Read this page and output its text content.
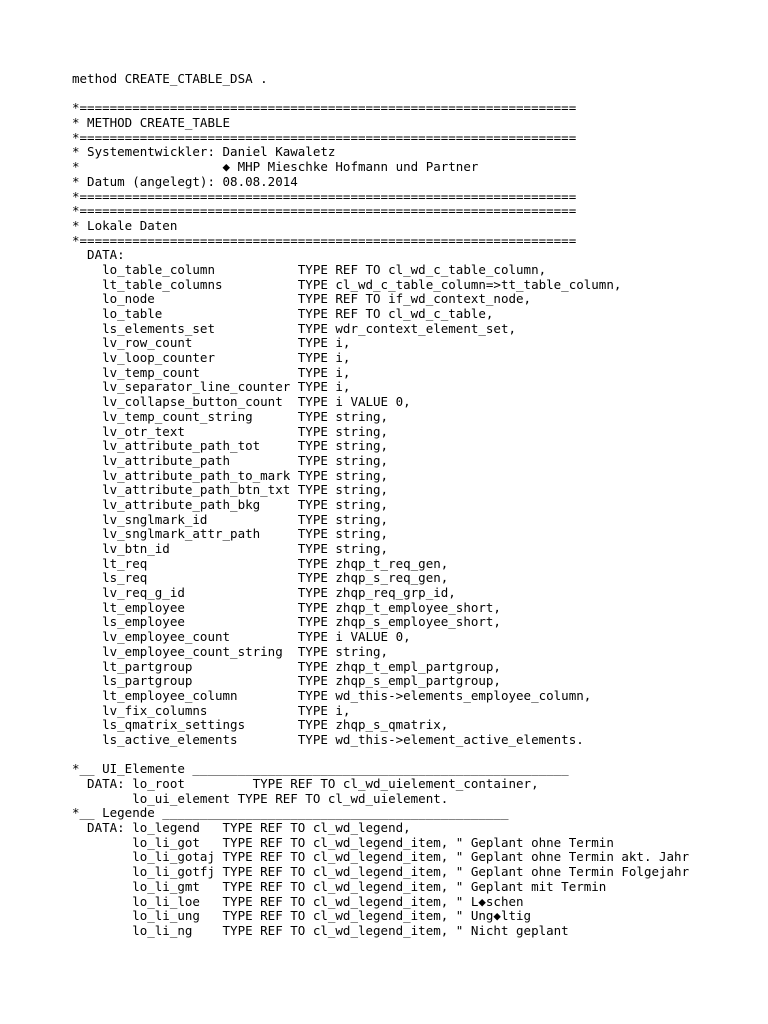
method CREATE_CTABLE_DSA .
*==================================================================
* METHOD CREATE_TABLE
*==================================================================
* Systementwickler: Daniel Kawaletz
*                   ◆ MHP Mieschke Hofmann und Partner
* Datum (angelegt): 08.08.2014
*==================================================================
*==================================================================
* Lokale Daten
*==================================================================
DATA:
lo_table_column           TYPE REF TO cl_wd_c_table_column,
lt_table_columns          TYPE cl_wd_c_table_column=>tt_table_column,
lo_node                   TYPE REF TO if_wd_context_node,
lo_table                  TYPE REF TO cl_wd_c_table,
ls_elements_set           TYPE wdr_context_element_set,
lv_row_count              TYPE i,
lv_loop_counter           TYPE i,
lv_temp_count             TYPE i,
lv_separator_line_counter TYPE i,
lv_collapse_button_count  TYPE i VALUE 0,
lv_temp_count_string      TYPE string,
lv_otr_text               TYPE string,
lv_attribute_path_tot     TYPE string,
lv_attribute_path         TYPE string,
lv_attribute_path_to_mark TYPE string,
lv_attribute_path_btn_txt TYPE string,
lv_attribute_path_bkg     TYPE string,
lv_snglmark_id            TYPE string,
lv_snglmark_attr_path     TYPE string,
lv_btn_id                 TYPE string,
lt_req                    TYPE zhqp_t_req_gen,
ls_req                    TYPE zhqp_s_req_gen,
lv_req_g_id               TYPE zhqp_req_grp_id,
lt_employee               TYPE zhqp_t_employee_short,
ls_employee               TYPE zhqp_s_employee_short,
lv_employee_count         TYPE i VALUE 0,
lv_employee_count_string  TYPE string,
lt_partgroup              TYPE zhqp_t_empl_partgroup,
ls_partgroup              TYPE zhqp_s_empl_partgroup,
lt_employee_column        TYPE wd_this->elements_employee_column,
lv_fix_columns            TYPE i,
ls_qmatrix_settings       TYPE zhqp_s_qmatrix,
ls_active_elements        TYPE wd_this->element_active_elements.
*__ UI_Elemente __________________________________________________
DATA: lo_root         TYPE REF TO cl_wd_uielement_container,
lo_ui_element TYPE REF TO cl_wd_uielement.
*__ Legende ______________________________________________
DATA: lo_legend   TYPE REF TO cl_wd_legend,
lo_li_got   TYPE REF TO cl_wd_legend_item, " Geplant ohne Termin
lo_li_gotaj TYPE REF TO cl_wd_legend_item, " Geplant ohne Termin akt. Jahr
lo_li_gotfj TYPE REF TO cl_wd_legend_item, " Geplant ohne Termin Folgejahr
lo_li_gmt   TYPE REF TO cl_wd_legend_item, " Geplant mit Termin
lo_li_loe   TYPE REF TO cl_wd_legend_item, " L◆schen
lo_li_ung   TYPE REF TO cl_wd_legend_item, " Ung◆ltig
lo_li_ng    TYPE REF TO cl_wd_legend_item, " Nicht geplant
